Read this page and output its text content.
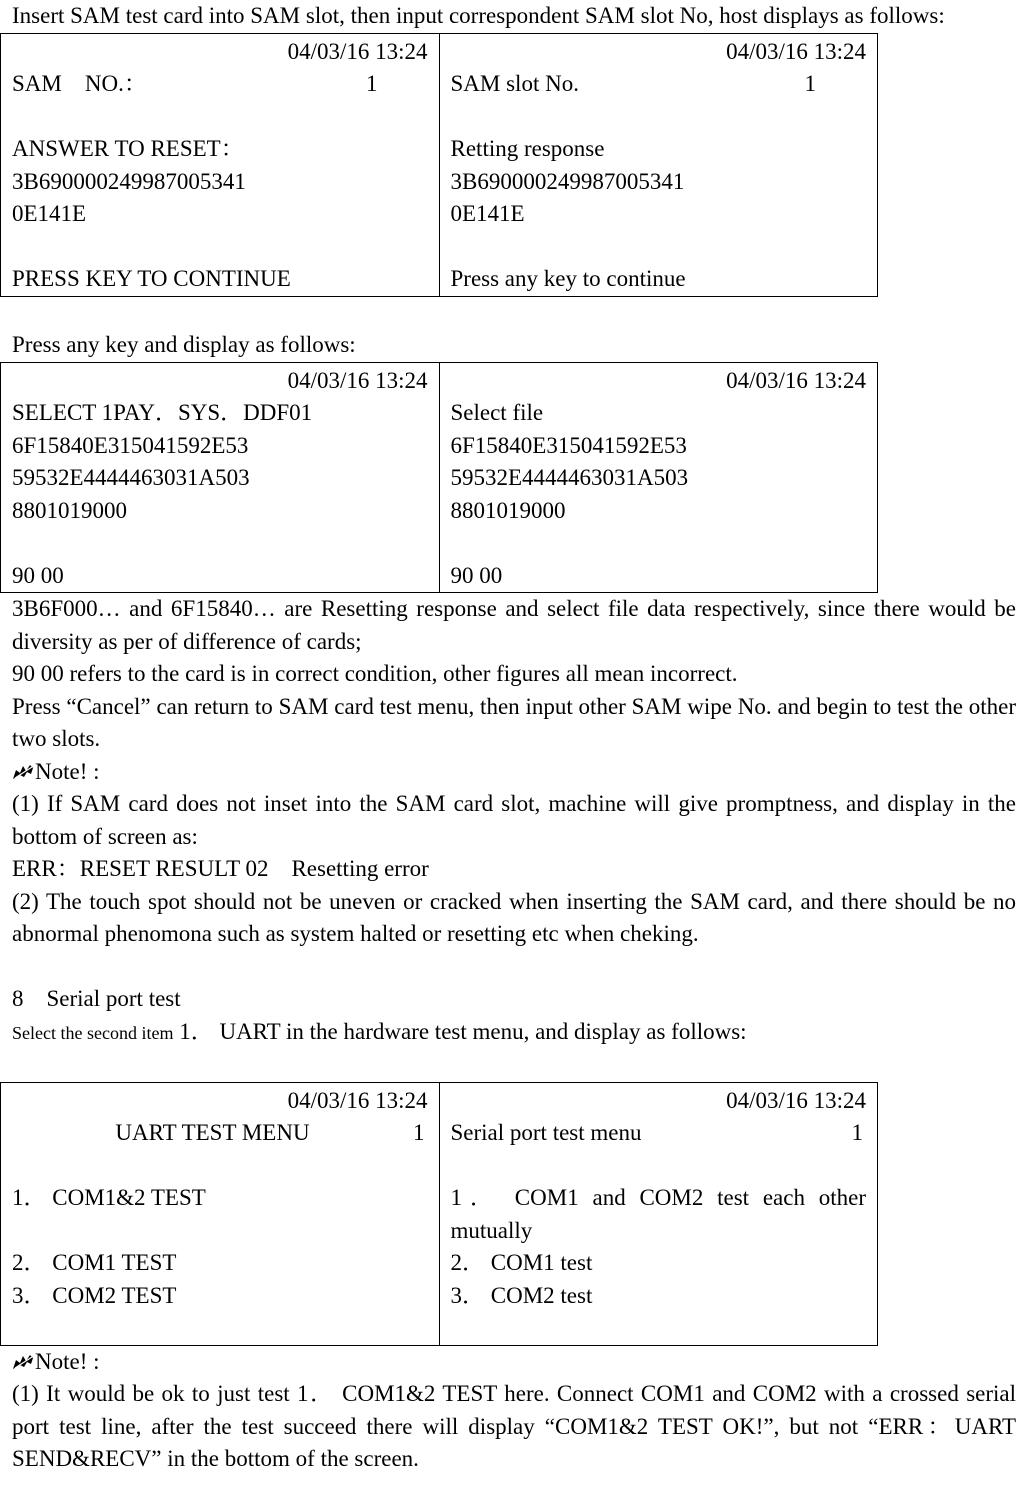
Insert SAM test card into SAM slot, then input correspondent SAM slot No, host displays as follows:

04/03/16 13:24
SAM　NO.：	1
ANSWER TO RESET：
3B690000249987005341
0E141E
PRESS KEY TO CONTINUE

04/03/16 13:24
SAM slot No.	1
Retting response
3B690000249987005341
0E141E
Press any key to continue

Press any key and display as follows:

04/03/16 13:24
SELECT 1PAY．SYS．DDF01
6F15840E315041592E53
59532E4444463031A503
8801019000
90 00

04/03/16 13:24
Select file
6F15840E315041592E53
59532E4444463031A503
8801019000
90 00

3B6F000… and 6F15840… are Resetting response and select file data respectively, since there would be diversity as per of difference of cards;

90 00 refers to the card is in correct condition, other figures all mean incorrect.

Press “Cancel” can return to SAM card test menu, then input other SAM wipe No. and begin to test the other two slots.

Note! :

(1) If SAM card does not inset into the SAM card slot, machine will give promptness, and display in the bottom of screen as:

ERR：RESET RESULT 02　Resetting error

(2) The touch spot should not be uneven or cracked when inserting the SAM card, and there should be no abnormal phenomona such as system halted or resetting etc when cheking.

8　Serial port test

Select the second item 1． UART in the hardware test menu, and display as follows:

04/03/16 13:24
UART TEST MENU	1
1． COM1&2 TEST
2． COM1 TEST
3． COM2 TEST

04/03/16 13:24
Serial port test menu	1
1． COM1 and COM2 test each other
mutually
2． COM1 test
3． COM2 test

Note! :

(1) It would be ok to just test 1． COM1&2 TEST here. Connect COM1 and COM2 with a crossed serial port test line, after the test succeed there will display “COM1&2 TEST OK!”, but not “ERR：UART SEND&RECV” in the bottom of the screen.
